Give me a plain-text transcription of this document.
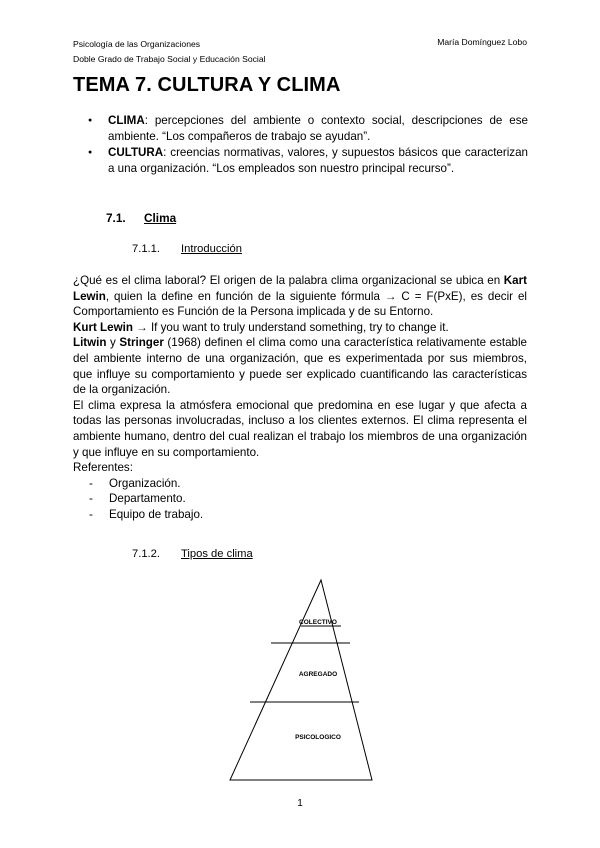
Psicología de las Organizaciones
Doble Grado de Trabajo Social y Educación Social
María Domínguez Lobo
TEMA 7. CULTURA Y CLIMA
● CLIMA: percepciones del ambiente o contexto social, descripciones de ese ambiente. “Los compañeros de trabajo se ayudan”.
● CULTURA: creencias normativas, valores, y supuestos básicos que caracterizan a una organización. “Los empleados son nuestro principal recurso”.
7.1. Clima
7.1.1. Introducción

¿Qué es el clima laboral? El origen de la palabra clima organizacional se ubica en Kart Lewin, quien la define en función de la siguiente fórmula → C = F(PxE), es decir el Comportamiento es Función de la Persona implicada y de su Entorno.

Kurt Lewin → If you want to truly understand something, try to change it.

Litwin y Stringer (1968) definen el clima como una característica relativamente estable del ambiente interno de una organización, que es experimentada por sus miembros, que influye su comportamiento y puede ser explicado cuantificando las características de la organización.

El clima expresa la atmósfera emocional que predomina en ese lugar y que afecta a todas las personas involucradas, incluso a los clientes externos. El clima representa el ambiente humano, dentro del cual realizan el trabajo los miembros de una organización y que influye en su comportamiento.

Referentes:

- Organización.
- Departamento.
- Equipo de trabajo.
7.1.2. Tipos de clima
COLECTIVO
AGREGADO
PSICOLOGICO
1
